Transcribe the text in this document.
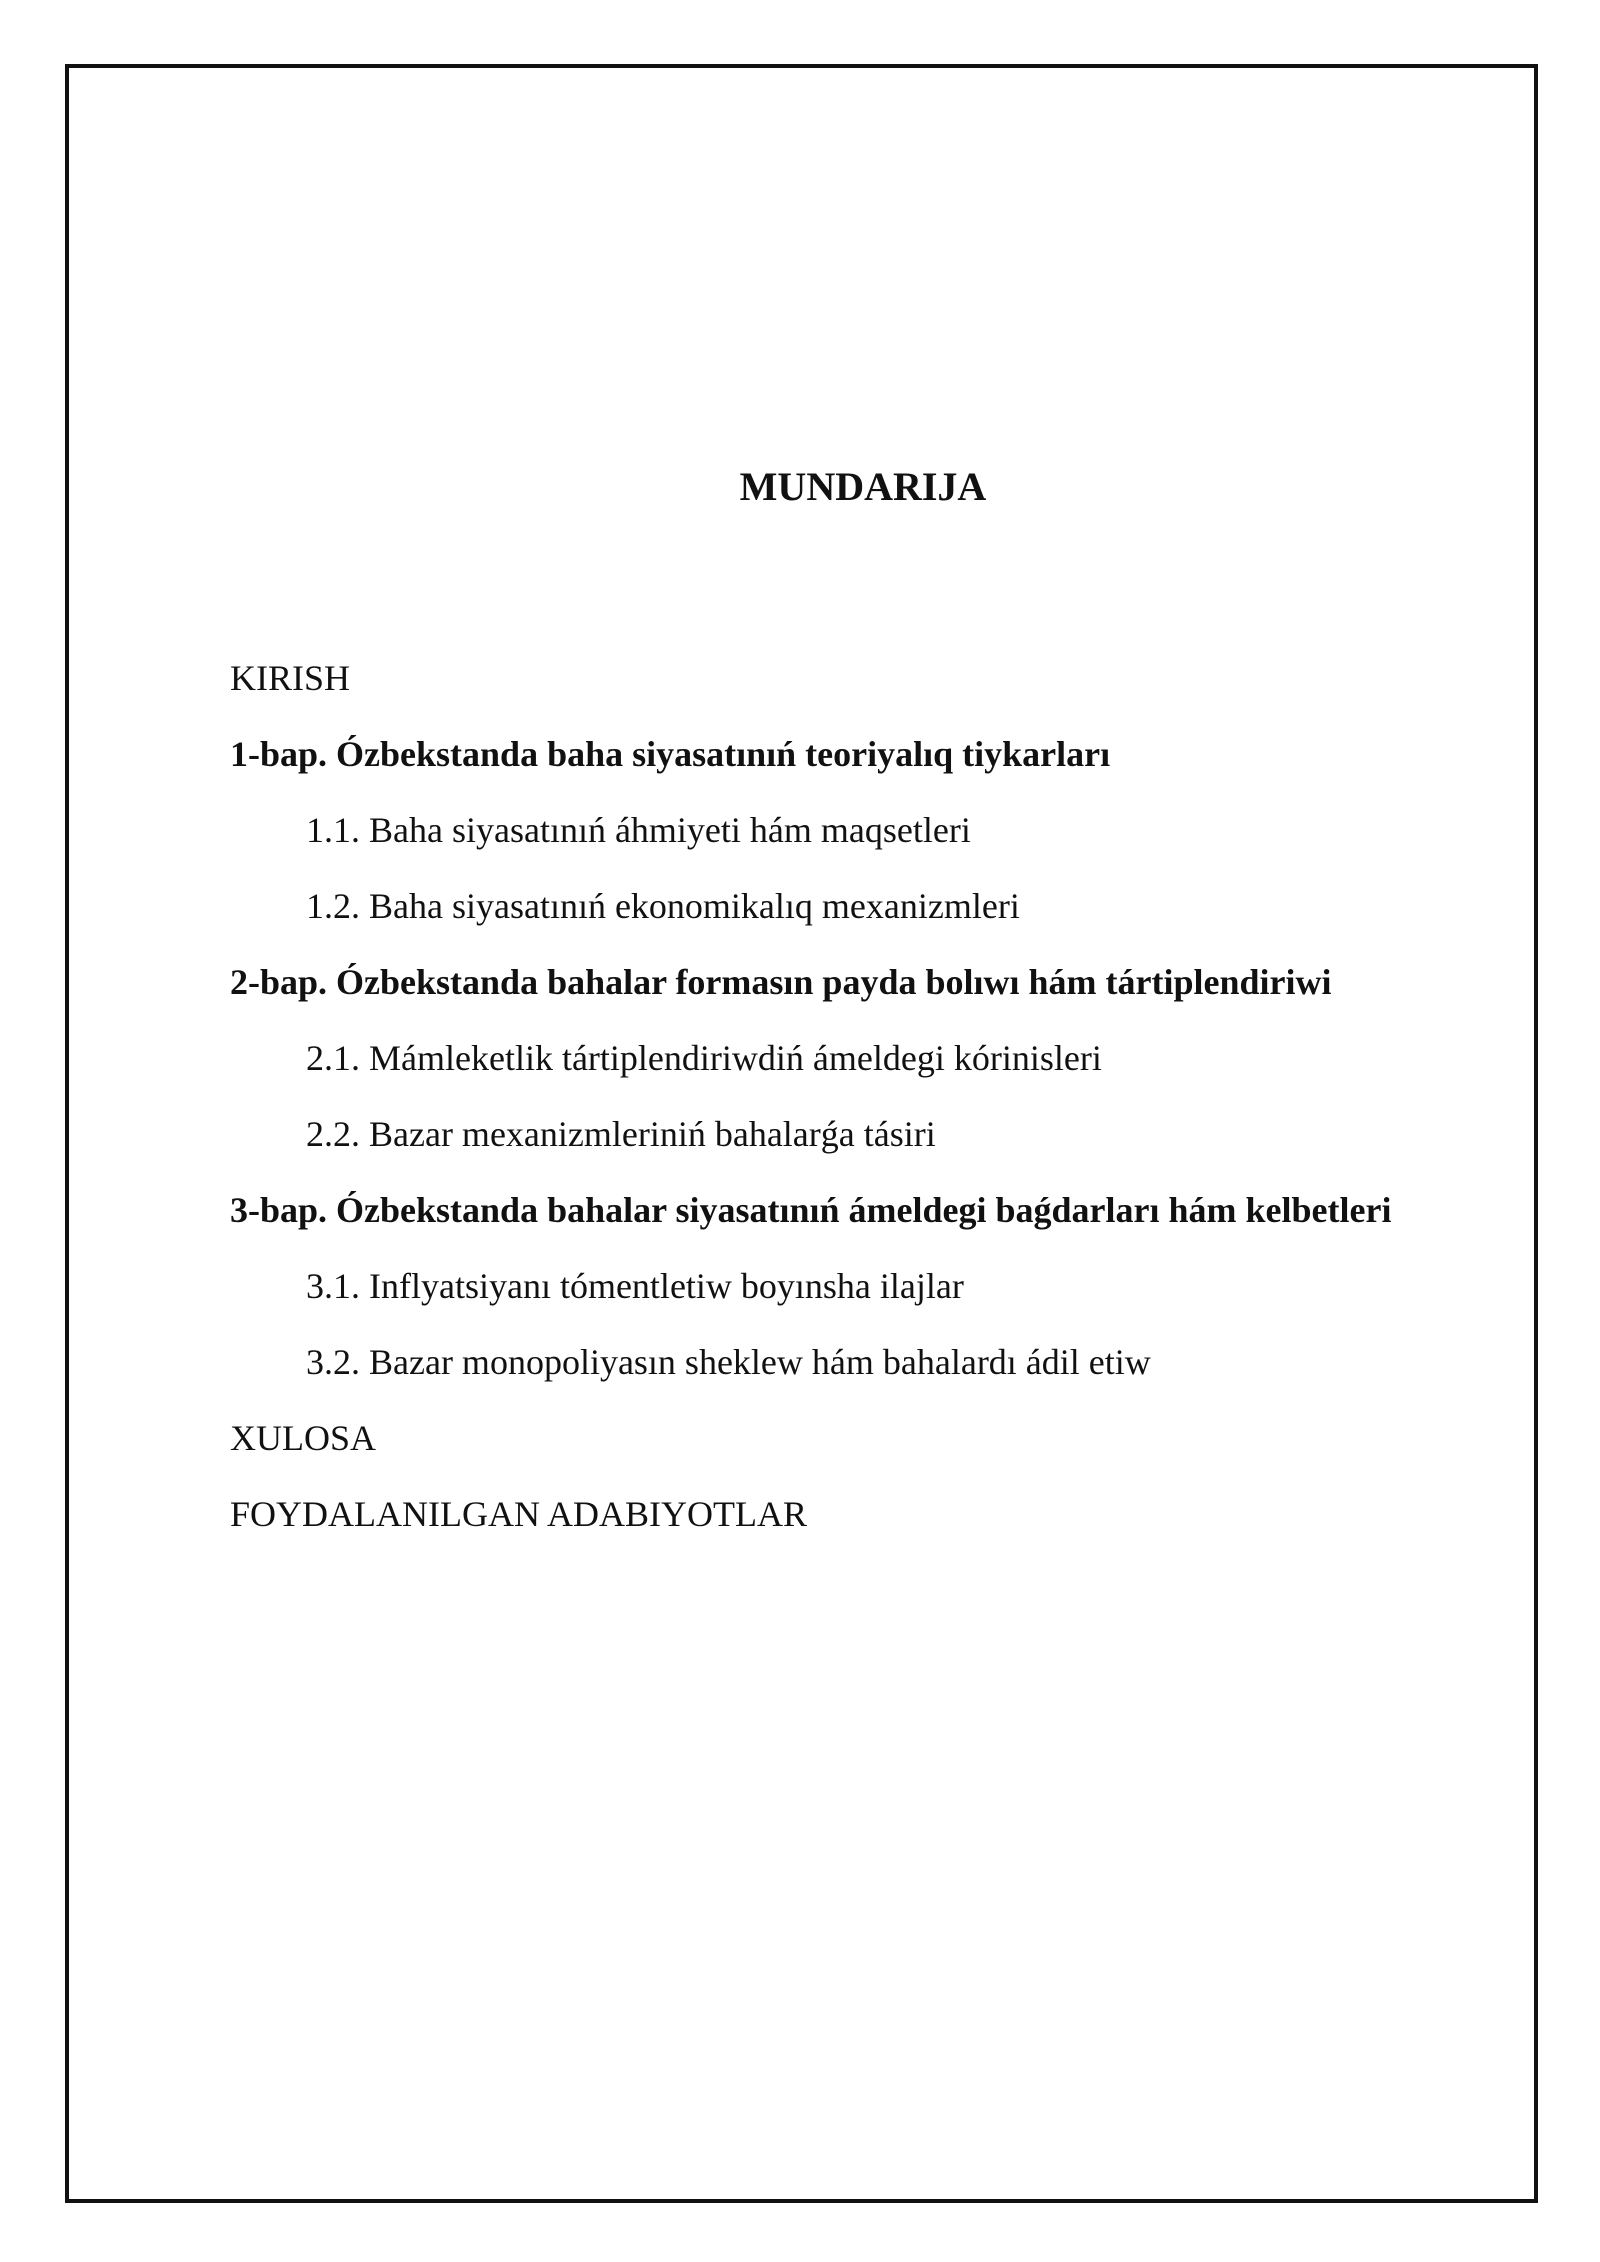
MUNDARIJA
KIRISH
1-bap. Ózbekstanda baha siyasatınıń teoriyalıq tiykarları
1.1. Baha siyasatınıń áhmiyeti hám maqsetleri
1.2. Baha siyasatınıń ekonomikalıq mexanizmleri
2-bap. Ózbekstanda bahalar formasın payda bolıwı hám tártiplendiriwi
2.1. Mámleketlik tártiplendiriwdiń ámeldegi kórinisleri
2.2. Bazar mexanizmleriniń bahalarǵa tásiri
3-bap. Ózbekstanda bahalar siyasatınıń ámeldegi baǵdarları hám kelbetleri
3.1. Inflyatsiyanı tómentletiw boyınsha ilajlar
3.2. Bazar monopoliyasın sheklew hám bahalardı ádil etiw
XULOSA
FOYDALANILGAN ADABIYOTLAR
